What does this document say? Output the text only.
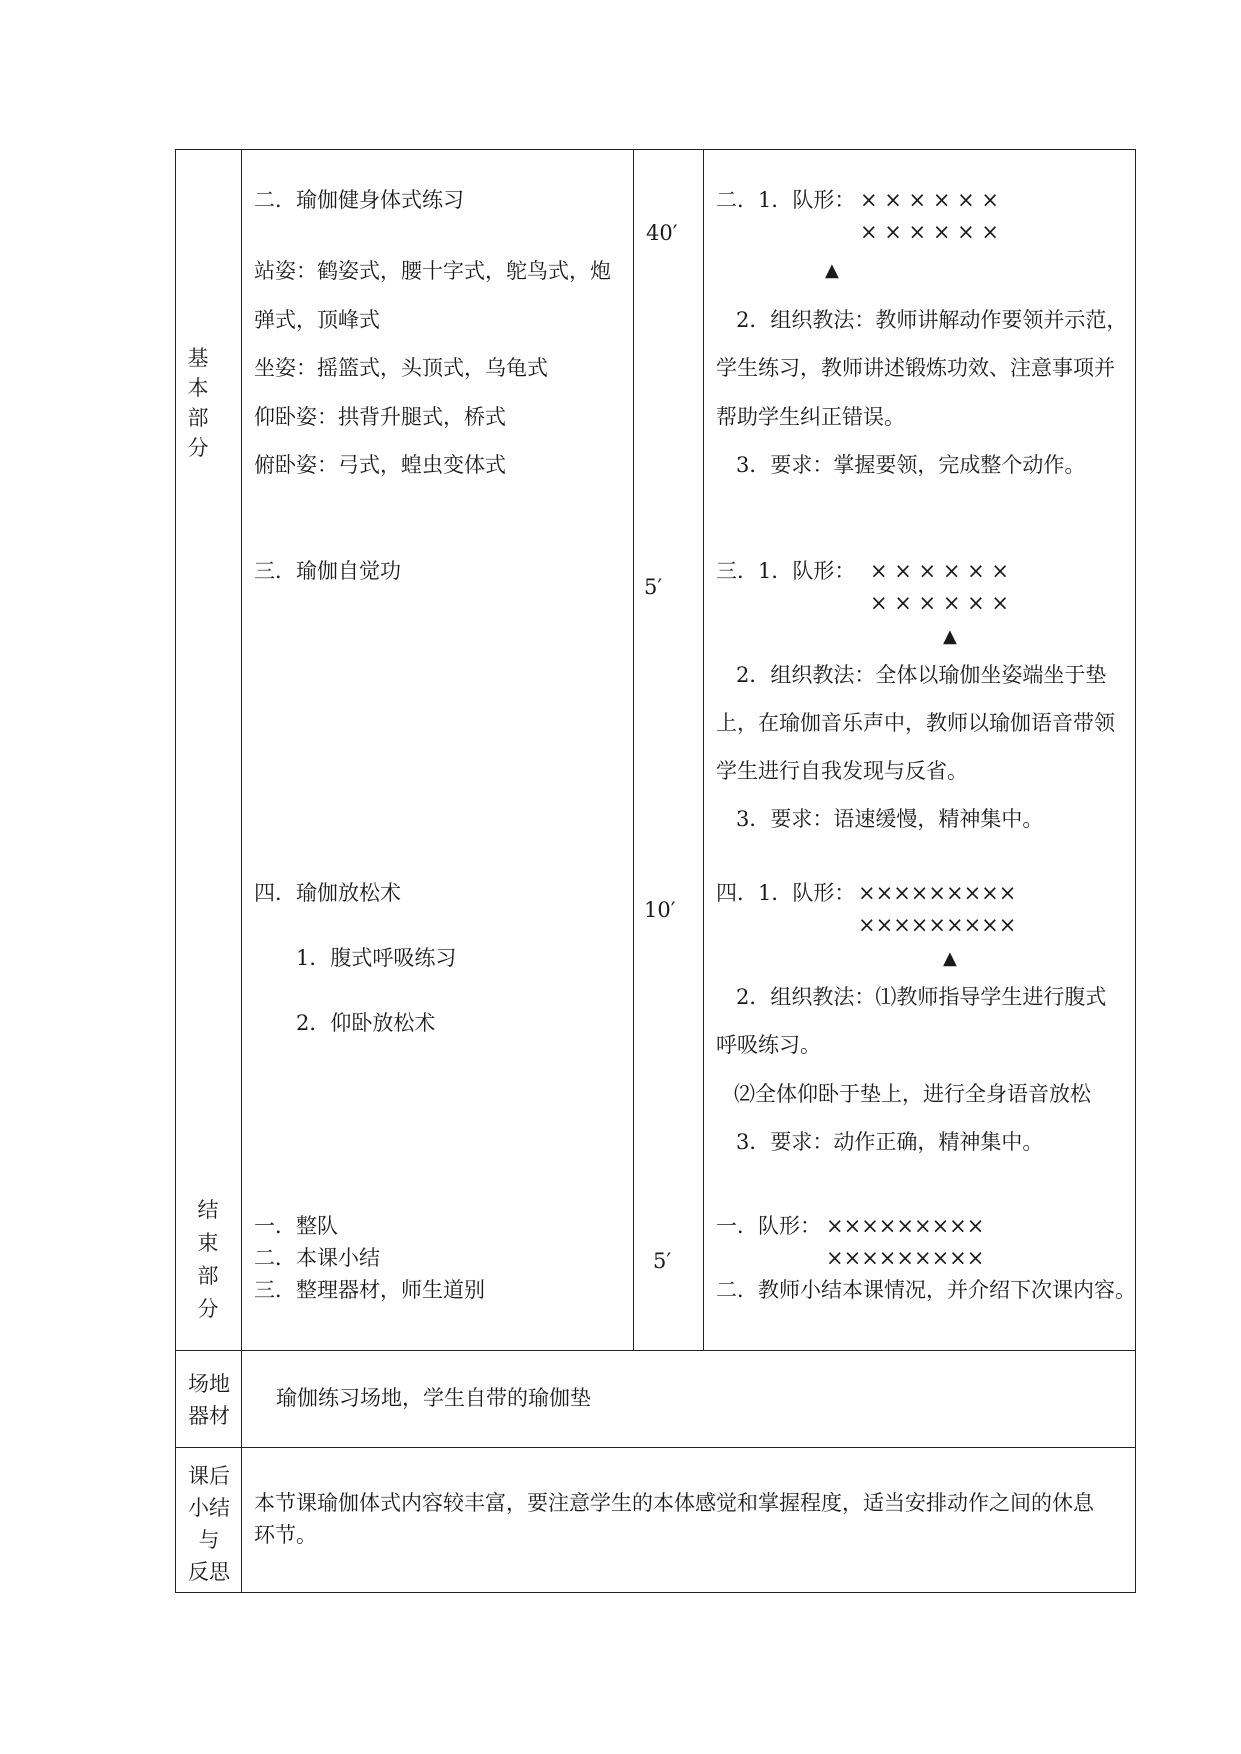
基
本
部
分
结
束
部
分
场地
器材
课后
小结
与
反思
二．瑜伽健身体式练习
站姿：鹤姿式，腰十字式，鸵鸟式，炮
弹式，顶峰式
坐姿：摇篮式，头顶式，乌龟式
仰卧姿：拱背升腿式，桥式
俯卧姿：弓式，蝗虫变体式
40′
二．1．队形： × × × × × ×
× × × × × ×
▲
2．组织教法：教师讲解动作要领并示范，
学生练习，教师讲述锻炼功效、注意事项并
帮助学生纠正错误。
3．要求：掌握要领，完成整个动作。
三．瑜伽自觉功
5′
三．1．队形： × × × × × ×
× × × × × ×
▲
2．组织教法：全体以瑜伽坐姿端坐于垫
上，在瑜伽音乐声中，教师以瑜伽语音带领
学生进行自我发现与反省。
3．要求：语速缓慢，精神集中。
四．瑜伽放松术
1．腹式呼吸练习
2．仰卧放松术
10′
四．1．队形： ×××××××××
×××××××××
▲
2．组织教法：⑴教师指导学生进行腹式
呼吸练习。
⑵全体仰卧于垫上，进行全身语音放松
3．要求：动作正确，精神集中。
一．整队
二．本课小结
三．整理器材，师生道别
5′
一．队形： ×××××××××
×××××××××
二．教师小结本课情况，并介绍下次课内容。
瑜伽练习场地，学生自带的瑜伽垫
本节课瑜伽体式内容较丰富，要注意学生的本体感觉和掌握程度，适当安排动作之间的休息
环节。
